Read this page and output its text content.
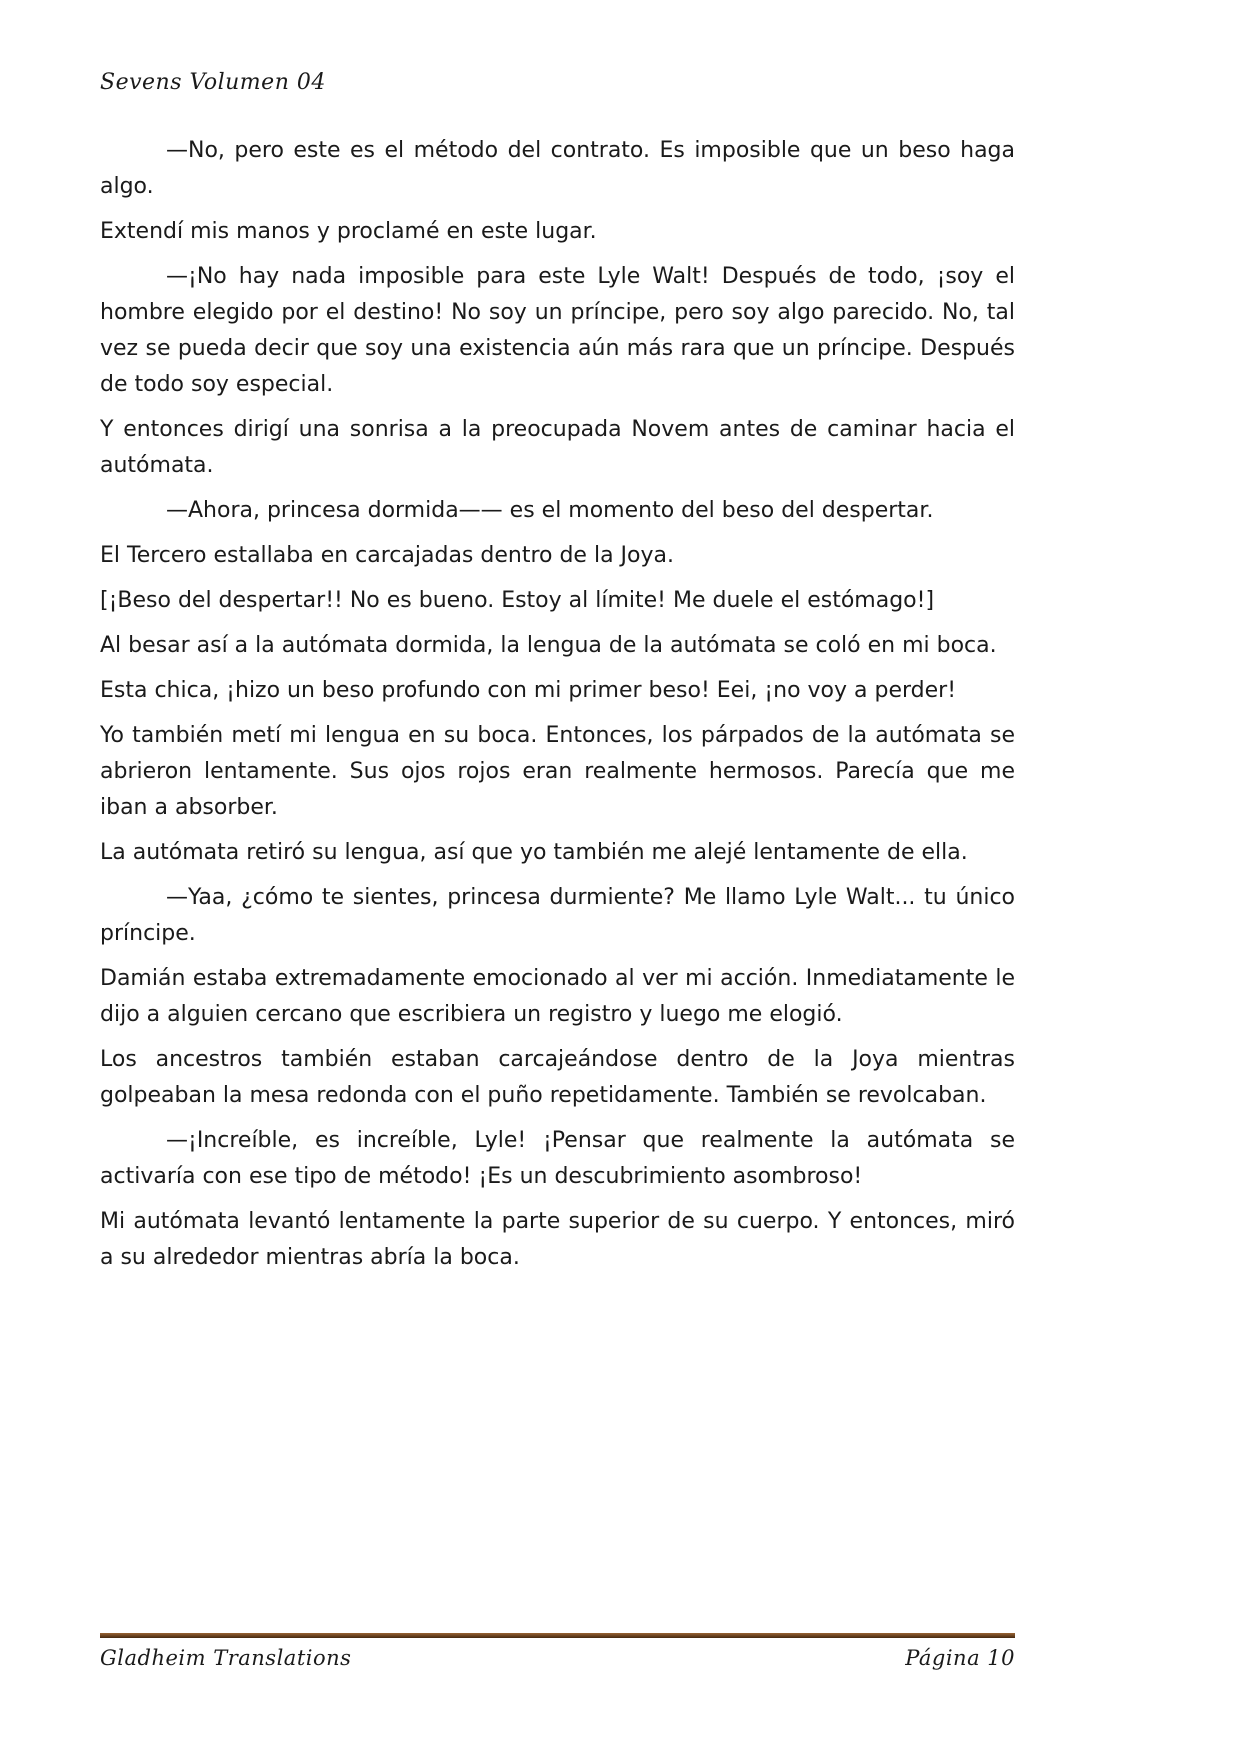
Sevens Volumen 04

—No, pero este es el método del contrato. Es imposible que un beso haga algo.

Extendí mis manos y proclamé en este lugar.

—¡No hay nada imposible para este Lyle Walt! Después de todo, ¡soy el hombre elegido por el destino! No soy un príncipe, pero soy algo parecido. No, tal vez se pueda decir que soy una existencia aún más rara que un príncipe. Después de todo soy especial.

Y entonces dirigí una sonrisa a la preocupada Novem antes de caminar hacia el autómata.

—Ahora, princesa dormida—— es el momento del beso del despertar.

El Tercero estallaba en carcajadas dentro de la Joya.

[¡Beso del despertar!! No es bueno. Estoy al límite! Me duele el estómago!]

Al besar así a la autómata dormida, la lengua de la autómata se coló en mi boca.

Esta chica, ¡hizo un beso profundo con mi primer beso! Eei, ¡no voy a perder!

Yo también metí mi lengua en su boca. Entonces, los párpados de la autómata se abrieron lentamente. Sus ojos rojos eran realmente hermosos. Parecía que me iban a absorber.

La autómata retiró su lengua, así que yo también me alejé lentamente de ella.

—Yaa, ¿cómo te sientes, princesa durmiente? Me llamo Lyle Walt... tu único príncipe.

Damián estaba extremadamente emocionado al ver mi acción. Inmediatamente le dijo a alguien cercano que escribiera un registro y luego me elogió.

Los ancestros también estaban carcajeándose dentro de la Joya mientras golpeaban la mesa redonda con el puño repetidamente. También se revolcaban.

—¡Increíble, es increíble, Lyle! ¡Pensar que realmente la autómata se activaría con ese tipo de método! ¡Es un descubrimiento asombroso!

Mi autómata levantó lentamente la parte superior de su cuerpo. Y entonces, miró a su alrededor mientras abría la boca.

Gladheim Translations	Página 10
